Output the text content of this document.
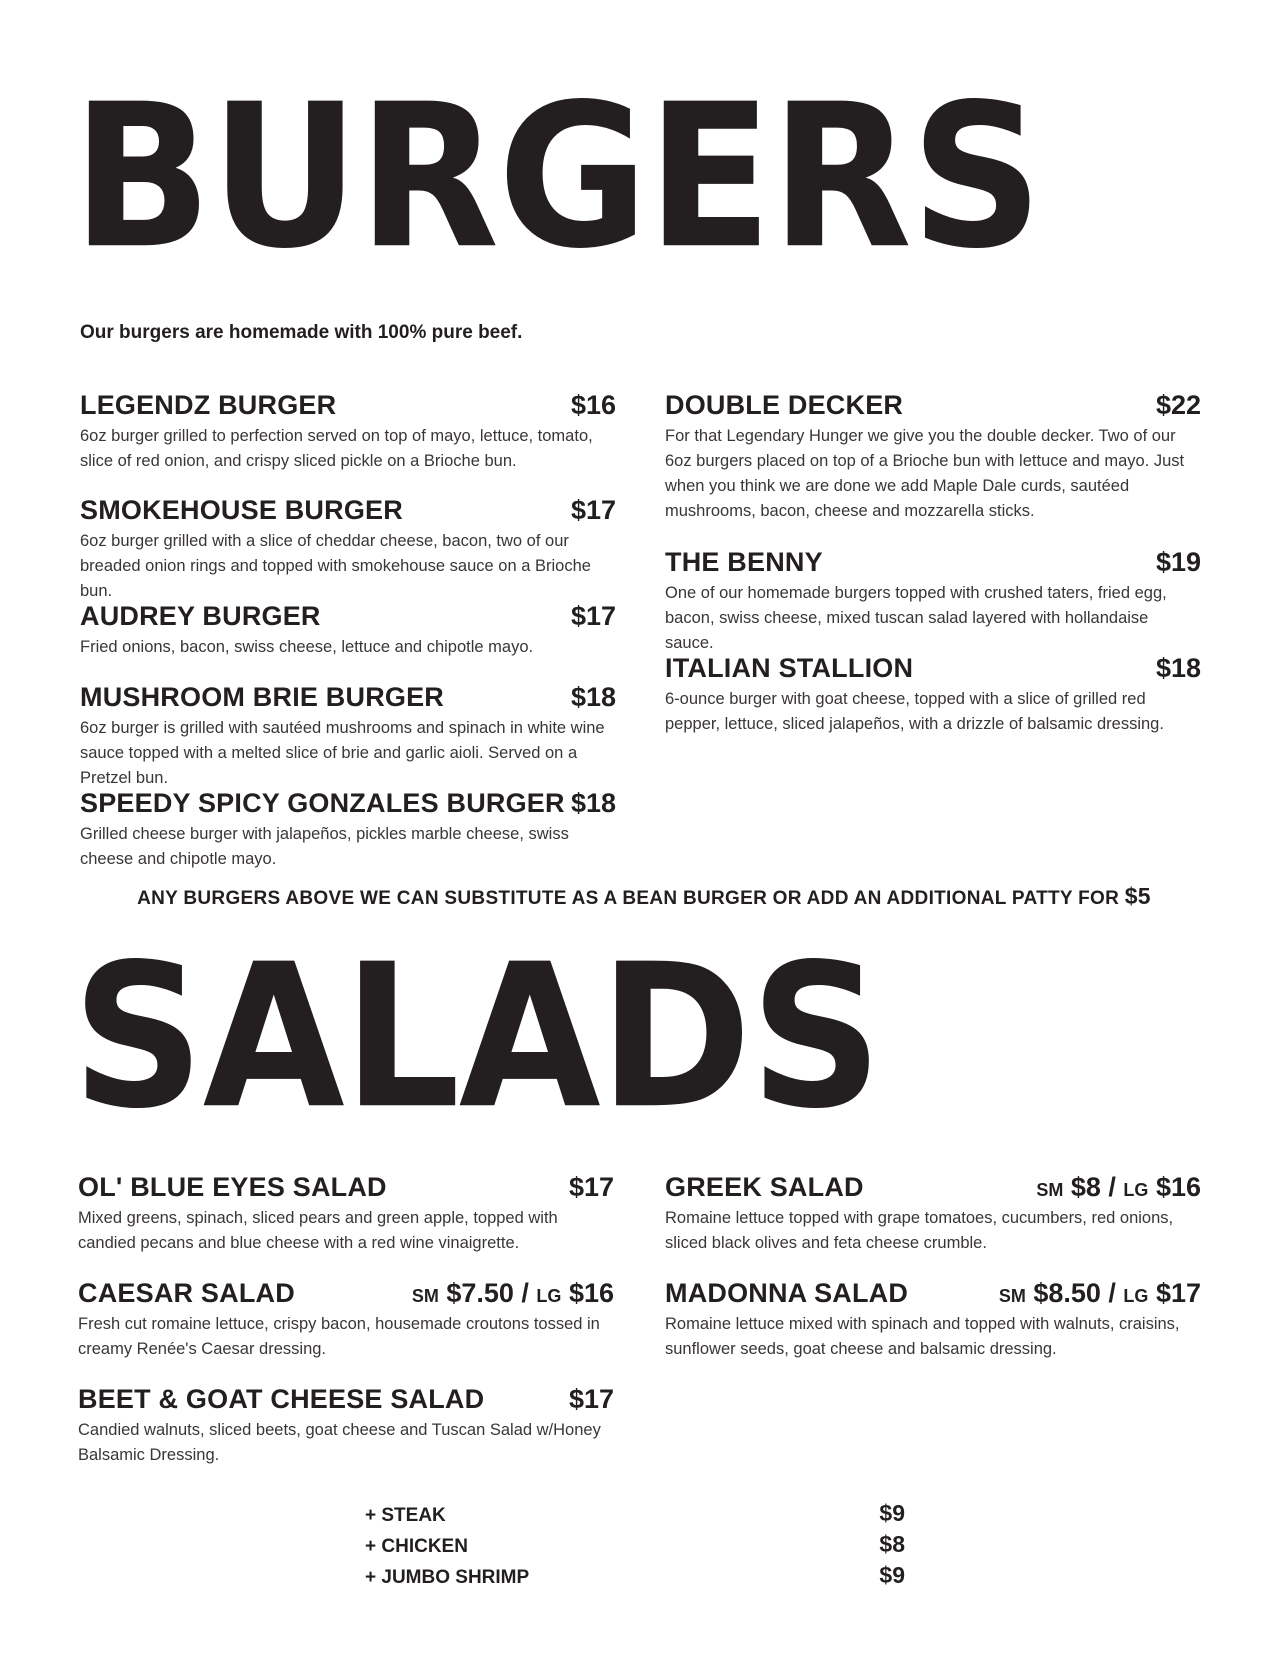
BURGERS
Our burgers are homemade with 100% pure beef.
LEGENDZ BURGER	$16
6oz burger grilled to perfection served on top of mayo, lettuce, tomato, slice of red onion, and crispy sliced pickle on a Brioche bun.
SMOKEHOUSE BURGER	$17
6oz burger grilled with a slice of cheddar cheese, bacon, two of our breaded onion rings and topped with smokehouse sauce on a Brioche bun.
AUDREY BURGER	$17
Fried onions, bacon, swiss cheese, lettuce and chipotle mayo.
MUSHROOM BRIE BURGER	$18
6oz burger is grilled with sautéed mushrooms and spinach in white wine sauce topped with a melted slice of brie and garlic aioli. Served on a Pretzel bun.
SPEEDY SPICY GONZALES BURGER $18
Grilled cheese burger with jalapeños, pickles marble cheese, swiss cheese and chipotle mayo.
DOUBLE DECKER	$22
For that Legendary Hunger we give you the double decker. Two of our 6oz burgers placed on top of a Brioche bun with lettuce and mayo. Just when you think we are done we add Maple Dale curds, sautéed mushrooms, bacon, cheese and mozzarella sticks.
THE BENNY	$19
One of our homemade burgers topped with crushed taters, fried egg, bacon, swiss cheese, mixed tuscan salad layered with hollandaise sauce.
ITALIAN STALLION	$18
6-ounce burger with goat cheese, topped with a slice of grilled red pepper, lettuce, sliced jalapeños, with a drizzle of balsamic dressing.
ANY BURGERS ABOVE WE CAN SUBSTITUTE AS A BEAN BURGER OR ADD AN ADDITIONAL PATTY FOR $5
SALADS
OL' BLUE EYES SALAD	$17
Mixed greens, spinach, sliced pears and green apple, topped with candied pecans and blue cheese with a red wine vinaigrette.
CAESAR SALAD	SM $7.50 / LG $16
Fresh cut romaine lettuce, crispy bacon, housemade croutons tossed in creamy Renée's Caesar dressing.
BEET & GOAT CHEESE SALAD	$17
Candied walnuts, sliced beets, goat cheese and Tuscan Salad w/Honey Balsamic Dressing.
GREEK SALAD	SM $8 / LG $16
Romaine lettuce topped with grape tomatoes, cucumbers, red onions, sliced black olives and feta cheese crumble.
MADONNA SALAD	SM $8.50 / LG $17
Romaine lettuce mixed with spinach and topped with walnuts, craisins, sunflower seeds, goat cheese and balsamic dressing.
+ STEAK	$9
+ CHICKEN	$8
+ JUMBO SHRIMP	$9
